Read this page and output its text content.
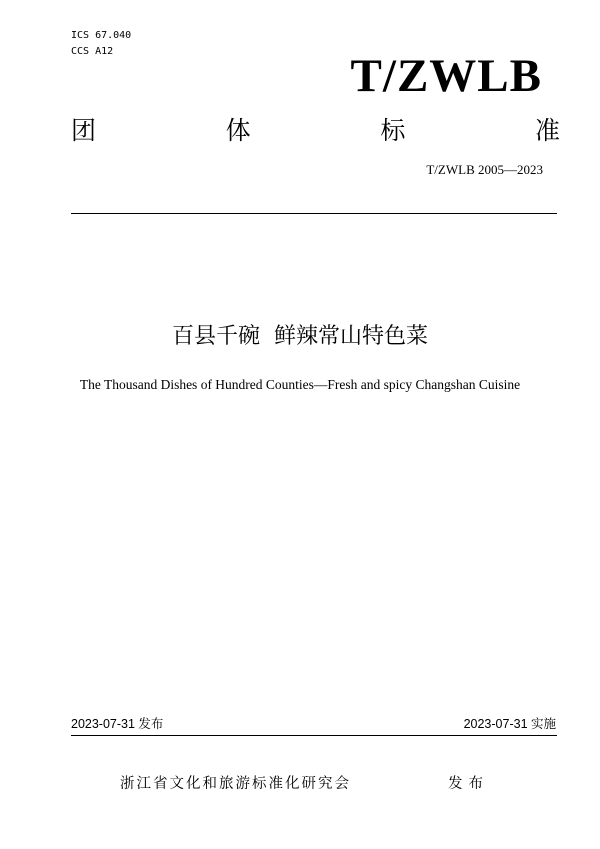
ICS 67.040
CCS A12	T/ZWLB
团	体	标	准
T/ZWLB 2005—2023
百县千碗  鲜辣常山特色菜
The Thousand Dishes of Hundred Counties—Fresh and spicy Changshan Cuisine
2023-07-31 发布	2023-07-31 实施
浙江省文化和旅游标准化研究会	发布
